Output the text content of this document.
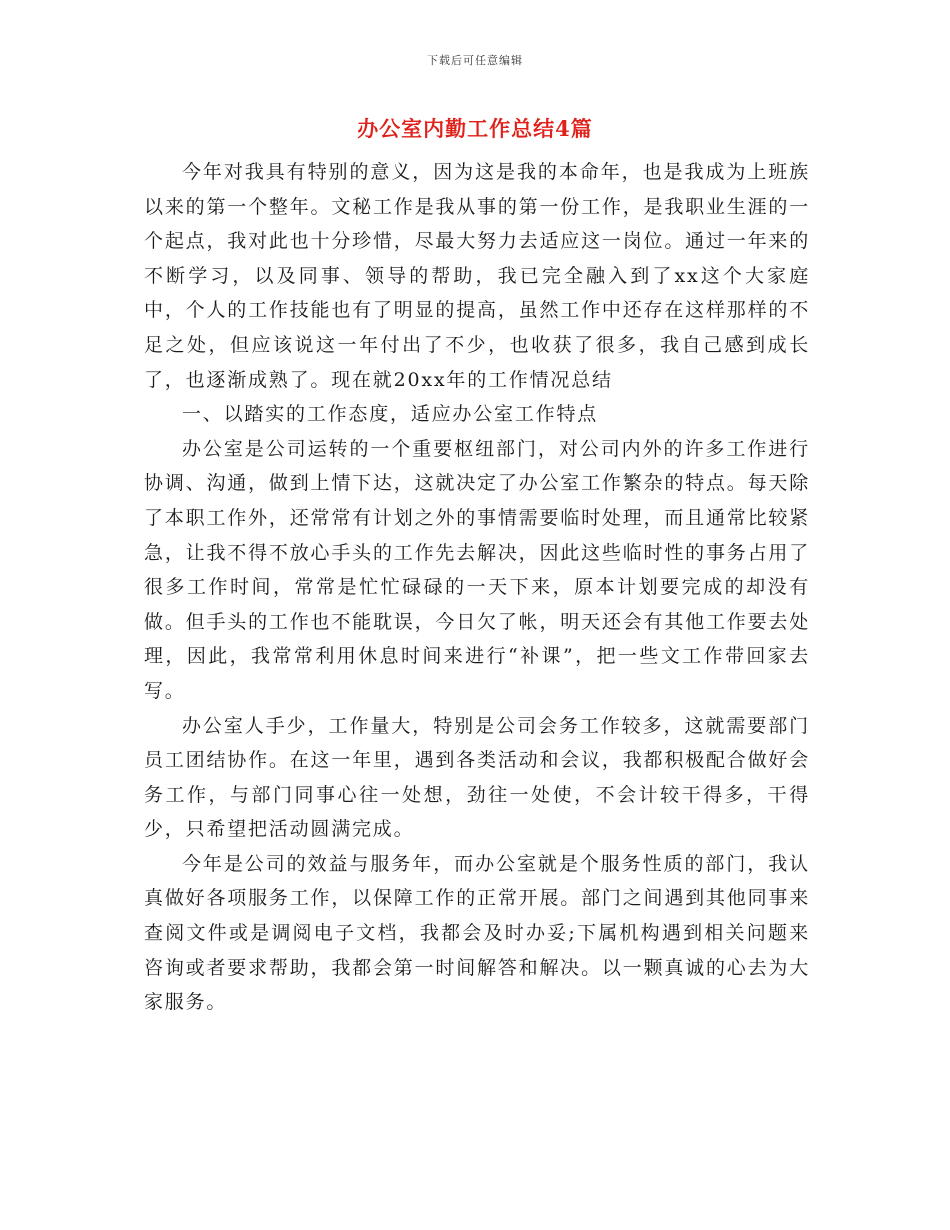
下载后可任意编辑
办公室内勤工作总结4篇

今年对我具有特别的意义，因为这是我的本命年，也是我成为上班族以来的第一个整年。文秘工作是我从事的第一份工作，是我职业生涯的一个起点，我对此也十分珍惜，尽最大努力去适应这一岗位。通过一年来的不断学习，以及同事、领导的帮助，我已完全融入到了xx这个大家庭中，个人的工作技能也有了明显的提高，虽然工作中还存在这样那样的不足之处，但应该说这一年付出了不少，也收获了很多，我自己感到成长了，也逐渐成熟了。现在就20xx年的工作情况总结

一、以踏实的工作态度，适应办公室工作特点

办公室是公司运转的一个重要枢纽部门，对公司内外的许多工作进行协调、沟通，做到上情下达，这就决定了办公室工作繁杂的特点。每天除了本职工作外，还常常有计划之外的事情需要临时处理，而且通常比较紧急，让我不得不放心手头的工作先去解决，因此这些临时性的事务占用了很多工作时间，常常是忙忙碌碌的一天下来，原本计划要完成的却没有做。但手头的工作也不能耽误，今日欠了帐，明天还会有其他工作要去处理，因此，我常常利用休息时间来进行“补课”，把一些文工作带回家去写。

办公室人手少，工作量大，特别是公司会务工作较多，这就需要部门员工团结协作。在这一年里，遇到各类活动和会议，我都积极配合做好会务工作，与部门同事心往一处想，劲往一处使，不会计较干得多，干得少，只希望把活动圆满完成。

今年是公司的效益与服务年，而办公室就是个服务性质的部门，我认真做好各项服务工作，以保障工作的正常开展。部门之间遇到其他同事来查阅文件或是调阅电子文档，我都会及时办妥;下属机构遇到相关问题来咨询或者要求帮助，我都会第一时间解答和解决。以一颗真诚的心去为大家服务。
